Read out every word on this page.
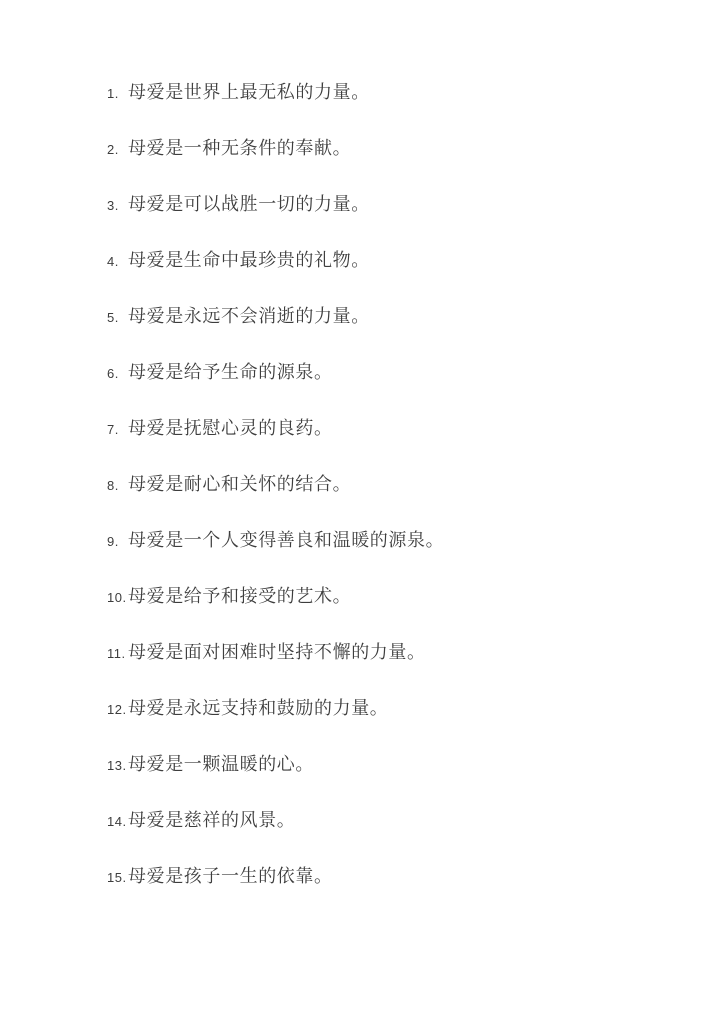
1. 母爱是世界上最无私的力量。
2. 母爱是一种无条件的奉献。
3. 母爱是可以战胜一切的力量。
4. 母爱是生命中最珍贵的礼物。
5. 母爱是永远不会消逝的力量。
6. 母爱是给予生命的源泉。
7. 母爱是抚慰心灵的良药。
8. 母爱是耐心和关怀的结合。
9. 母爱是一个人变得善良和温暖的源泉。
10. 母爱是给予和接受的艺术。
11. 母爱是面对困难时坚持不懈的力量。
12. 母爱是永远支持和鼓励的力量。
13. 母爱是一颗温暖的心。
14. 母爱是慈祥的风景。
15. 母爱是孩子一生的依靠。
